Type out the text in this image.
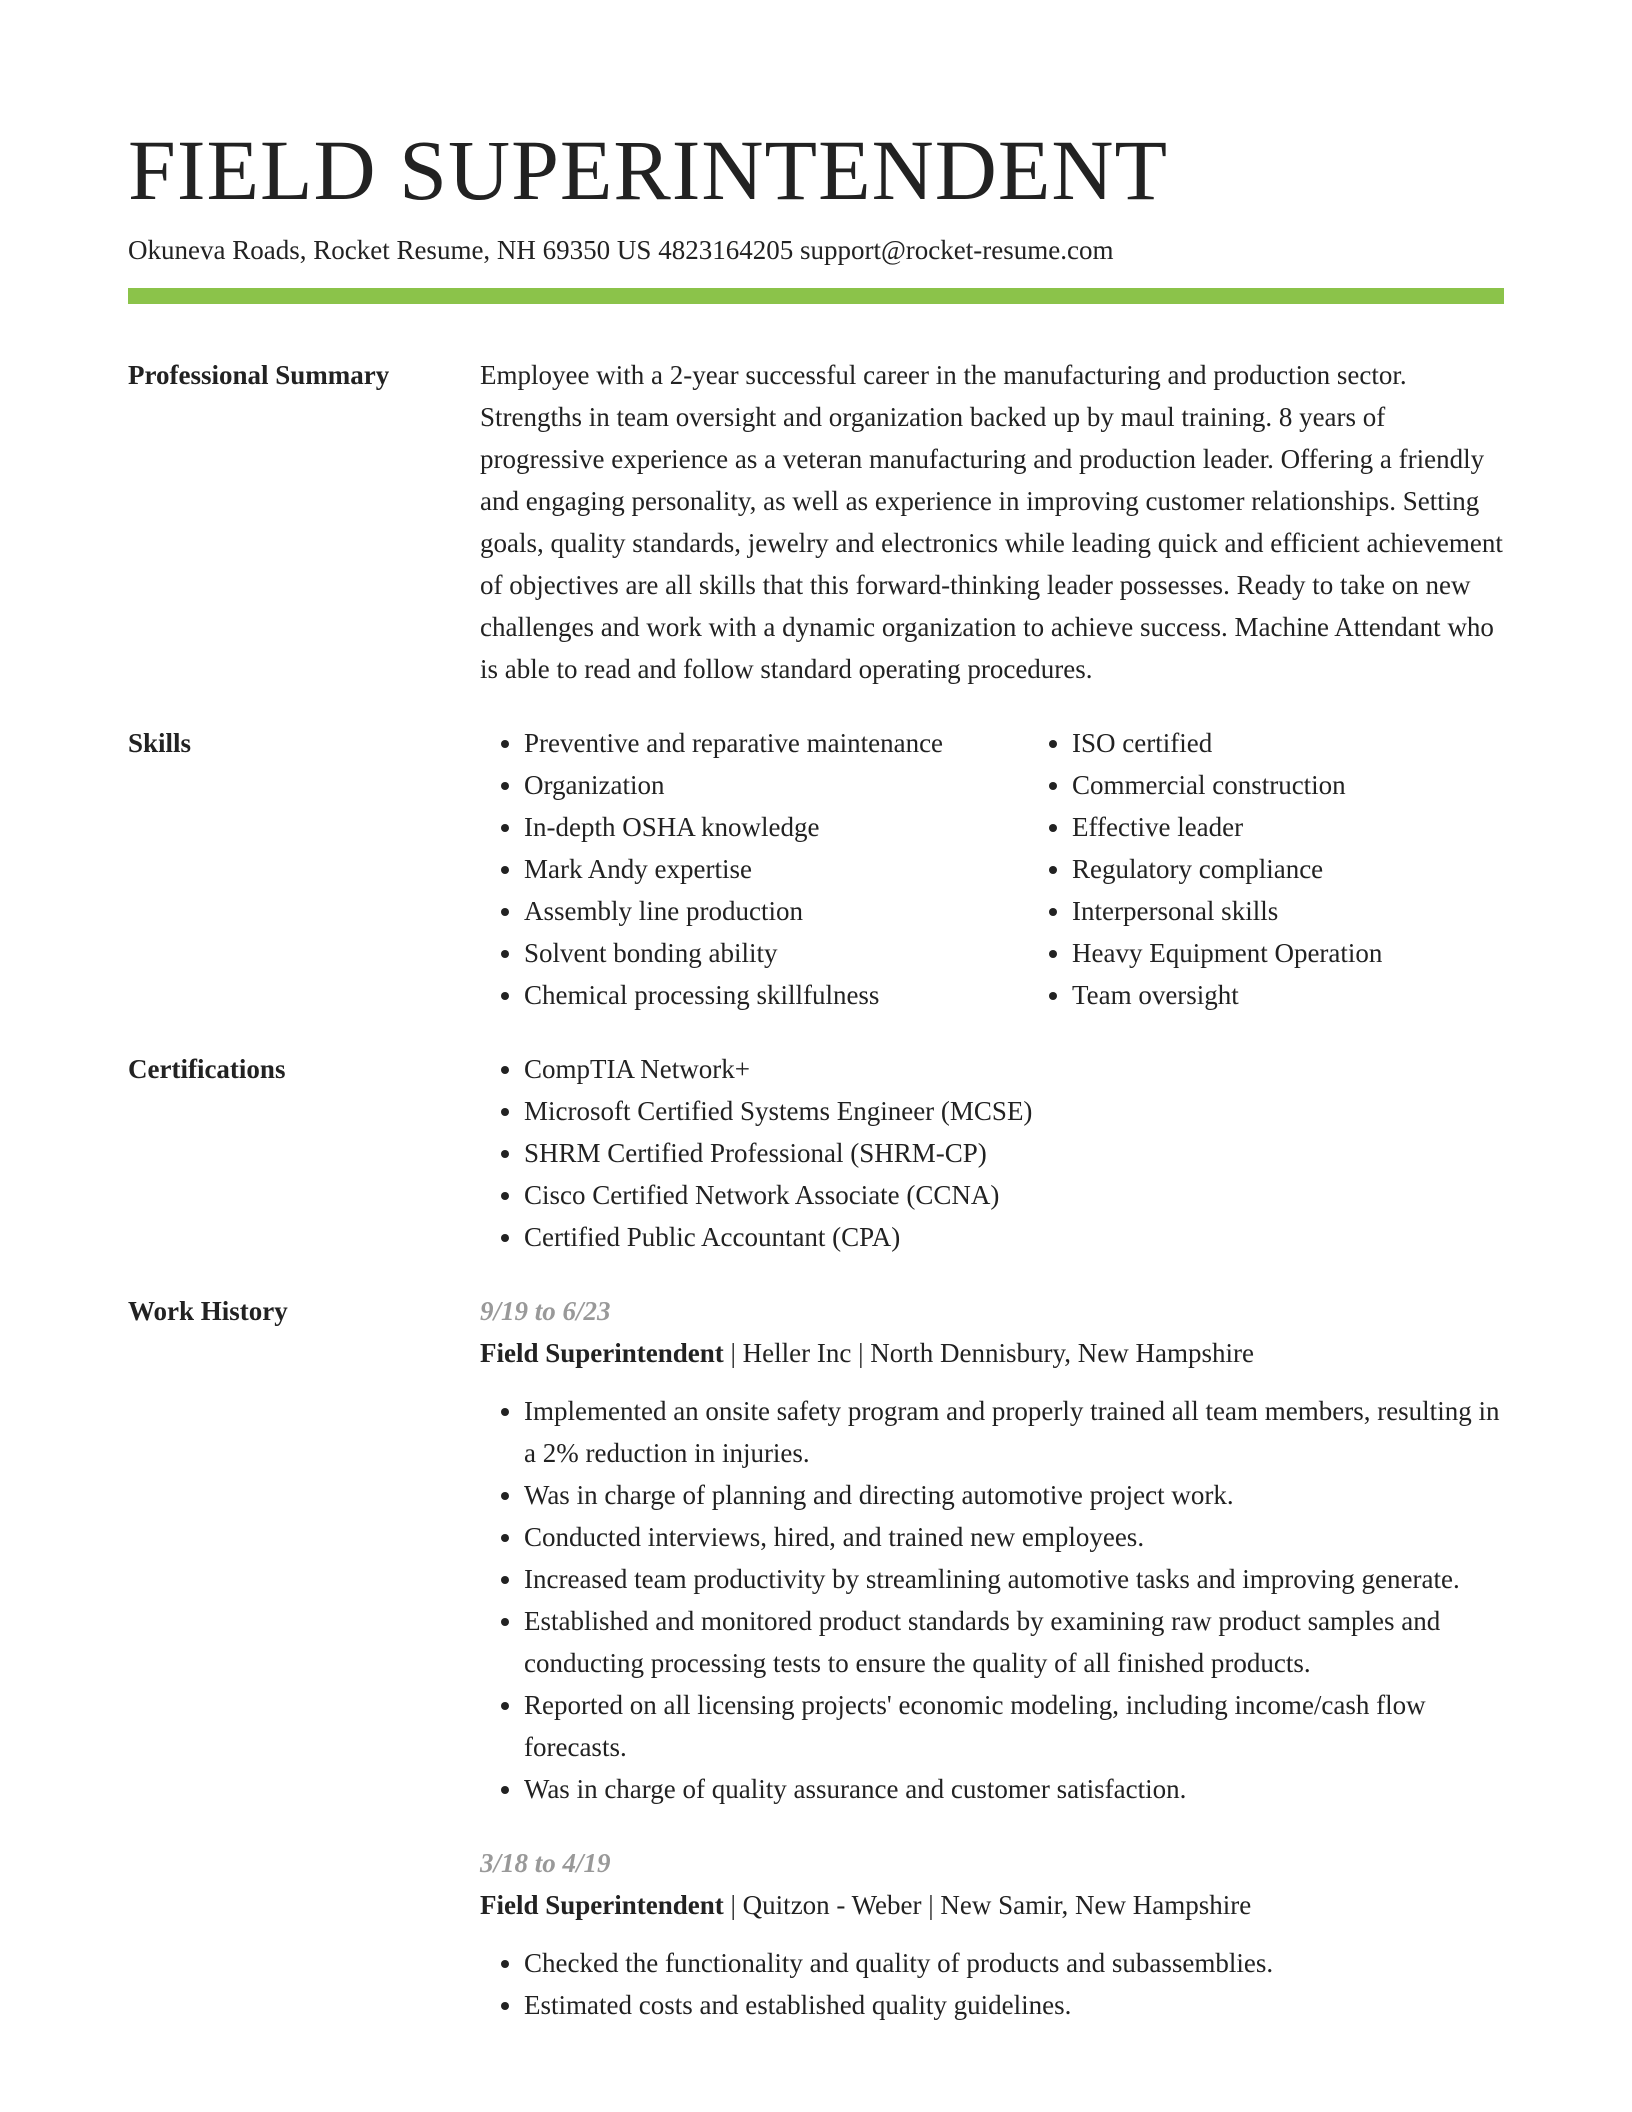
FIELD SUPERINTENDENT
Okuneva Roads, Rocket Resume, NH 69350 US 4823164205 support@rocket-resume.com
Professional Summary	Employee with a 2-year successful career in the manufacturing and production sector. Strengths in team oversight and organization backed up by maul training. 8 years of progressive experience as a veteran manufacturing and production leader. Offering a friendly and engaging personality, as well as experience in improving customer relationships. Setting goals, quality standards, jewelry and electronics while leading quick and efficient achievement of objectives are all skills that this forward-thinking leader possesses. Ready to take on new challenges and work with a dynamic organization to achieve success. Machine Attendant who is able to read and follow standard operating procedures.
Skills	• Preventive and reparative maintenance
• Organization
• In-depth OSHA knowledge
• Mark Andy expertise
• Assembly line production
• Solvent bonding ability
• Chemical processing skillfulness
• ISO certified
• Commercial construction
• Effective leader
• Regulatory compliance
• Interpersonal skills
• Heavy Equipment Operation
• Team oversight
Certifications	• CompTIA Network+
• Microsoft Certified Systems Engineer (MCSE)
• SHRM Certified Professional (SHRM-CP)
• Cisco Certified Network Associate (CCNA)
• Certified Public Accountant (CPA)
Work History	9/19 to 6/23
Field Superintendent | Heller Inc | North Dennisbury, New Hampshire
• Implemented an onsite safety program and properly trained all team members, resulting in a 2% reduction in injuries.
• Was in charge of planning and directing automotive project work.
• Conducted interviews, hired, and trained new employees.
• Increased team productivity by streamlining automotive tasks and improving generate.
• Established and monitored product standards by examining raw product samples and conducting processing tests to ensure the quality of all finished products.
• Reported on all licensing projects' economic modeling, including income/cash flow forecasts.
• Was in charge of quality assurance and customer satisfaction.
3/18 to 4/19
Field Superintendent | Quitzon - Weber | New Samir, New Hampshire
• Checked the functionality and quality of products and subassemblies.
• Estimated costs and established quality guidelines.
